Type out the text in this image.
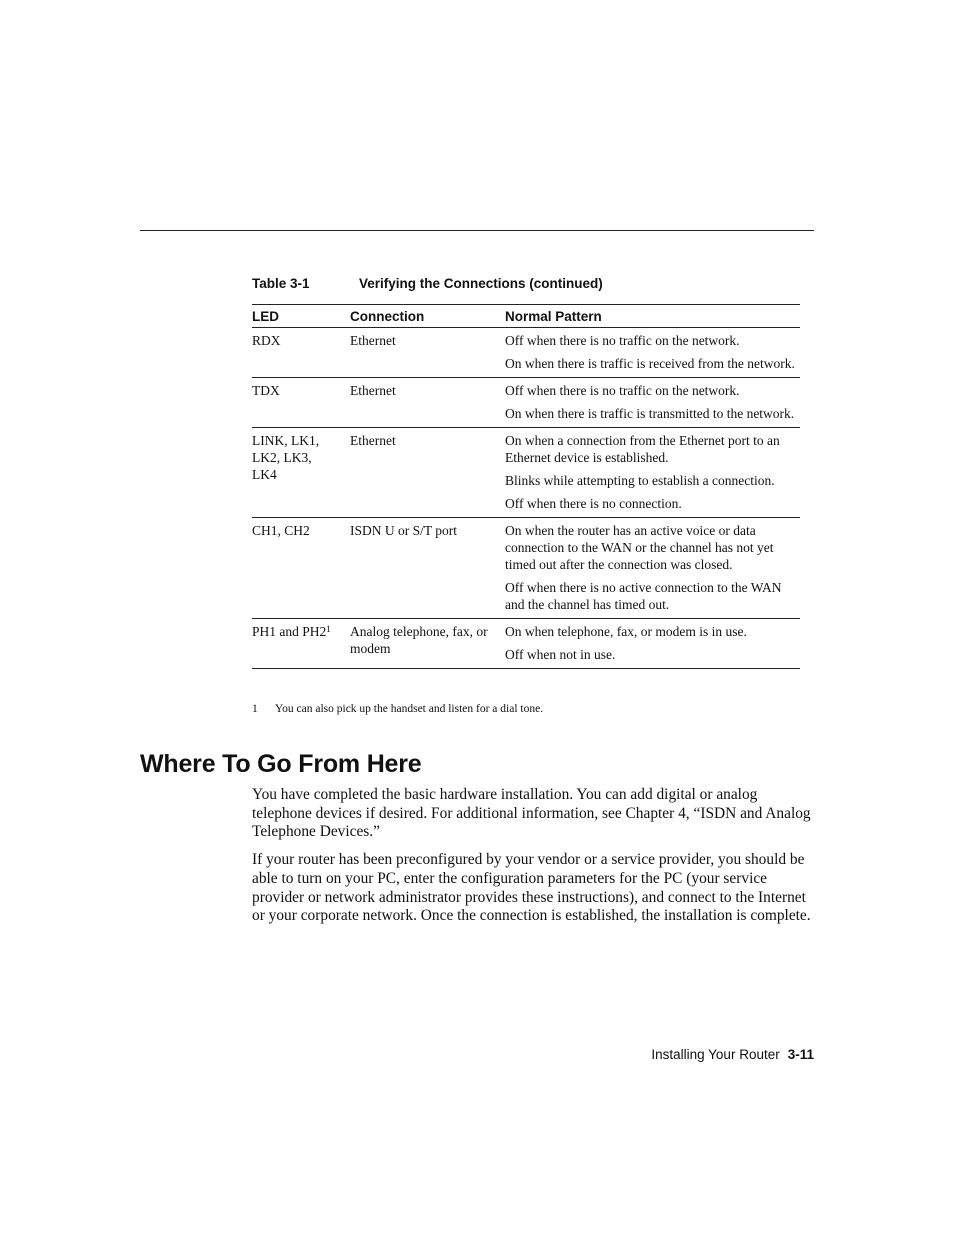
Table 3-1	Verifying the Connections (continued)
LED	Connection	Normal Pattern

RDX	Ethernet	Off when there is no traffic on the network.
On when there is traffic is received from the network.

TDX	Ethernet	Off when there is no traffic on the network.
On when there is traffic is transmitted to the network.

LINK, LK1, LK2, LK3, LK4	Ethernet	On when a connection from the Ethernet port to an Ethernet device is established.
Blinks while attempting to establish a connection.
Off when there is no connection.

CH1, CH2	ISDN U or S/T port	On when the router has an active voice or data connection to the WAN or the channel has not yet timed out after the connection was closed.
Off when there is no active connection to the WAN and the channel has timed out.

PH1 and $PH2^1$	Analog telephone, fax, or modem	On when telephone, fax, or modem is in use.
Off when not in use.
1 You can also pick up the handset and listen for a dial tone.
Where To Go From Here

You have completed the basic hardware installation. You can add digital or analog telephone devices if desired. For additional information, see Chapter 4, “ISDN and Analog Telephone Devices.”

If your router has been preconfigured by your vendor or a service provider, you should be able to turn on your PC, enter the configuration parameters for the PC (your service provider or network administrator provides these instructions), and connect to the Internet or your corporate network. Once the connection is established, the installation is complete.

Installing Your Router 3-11
